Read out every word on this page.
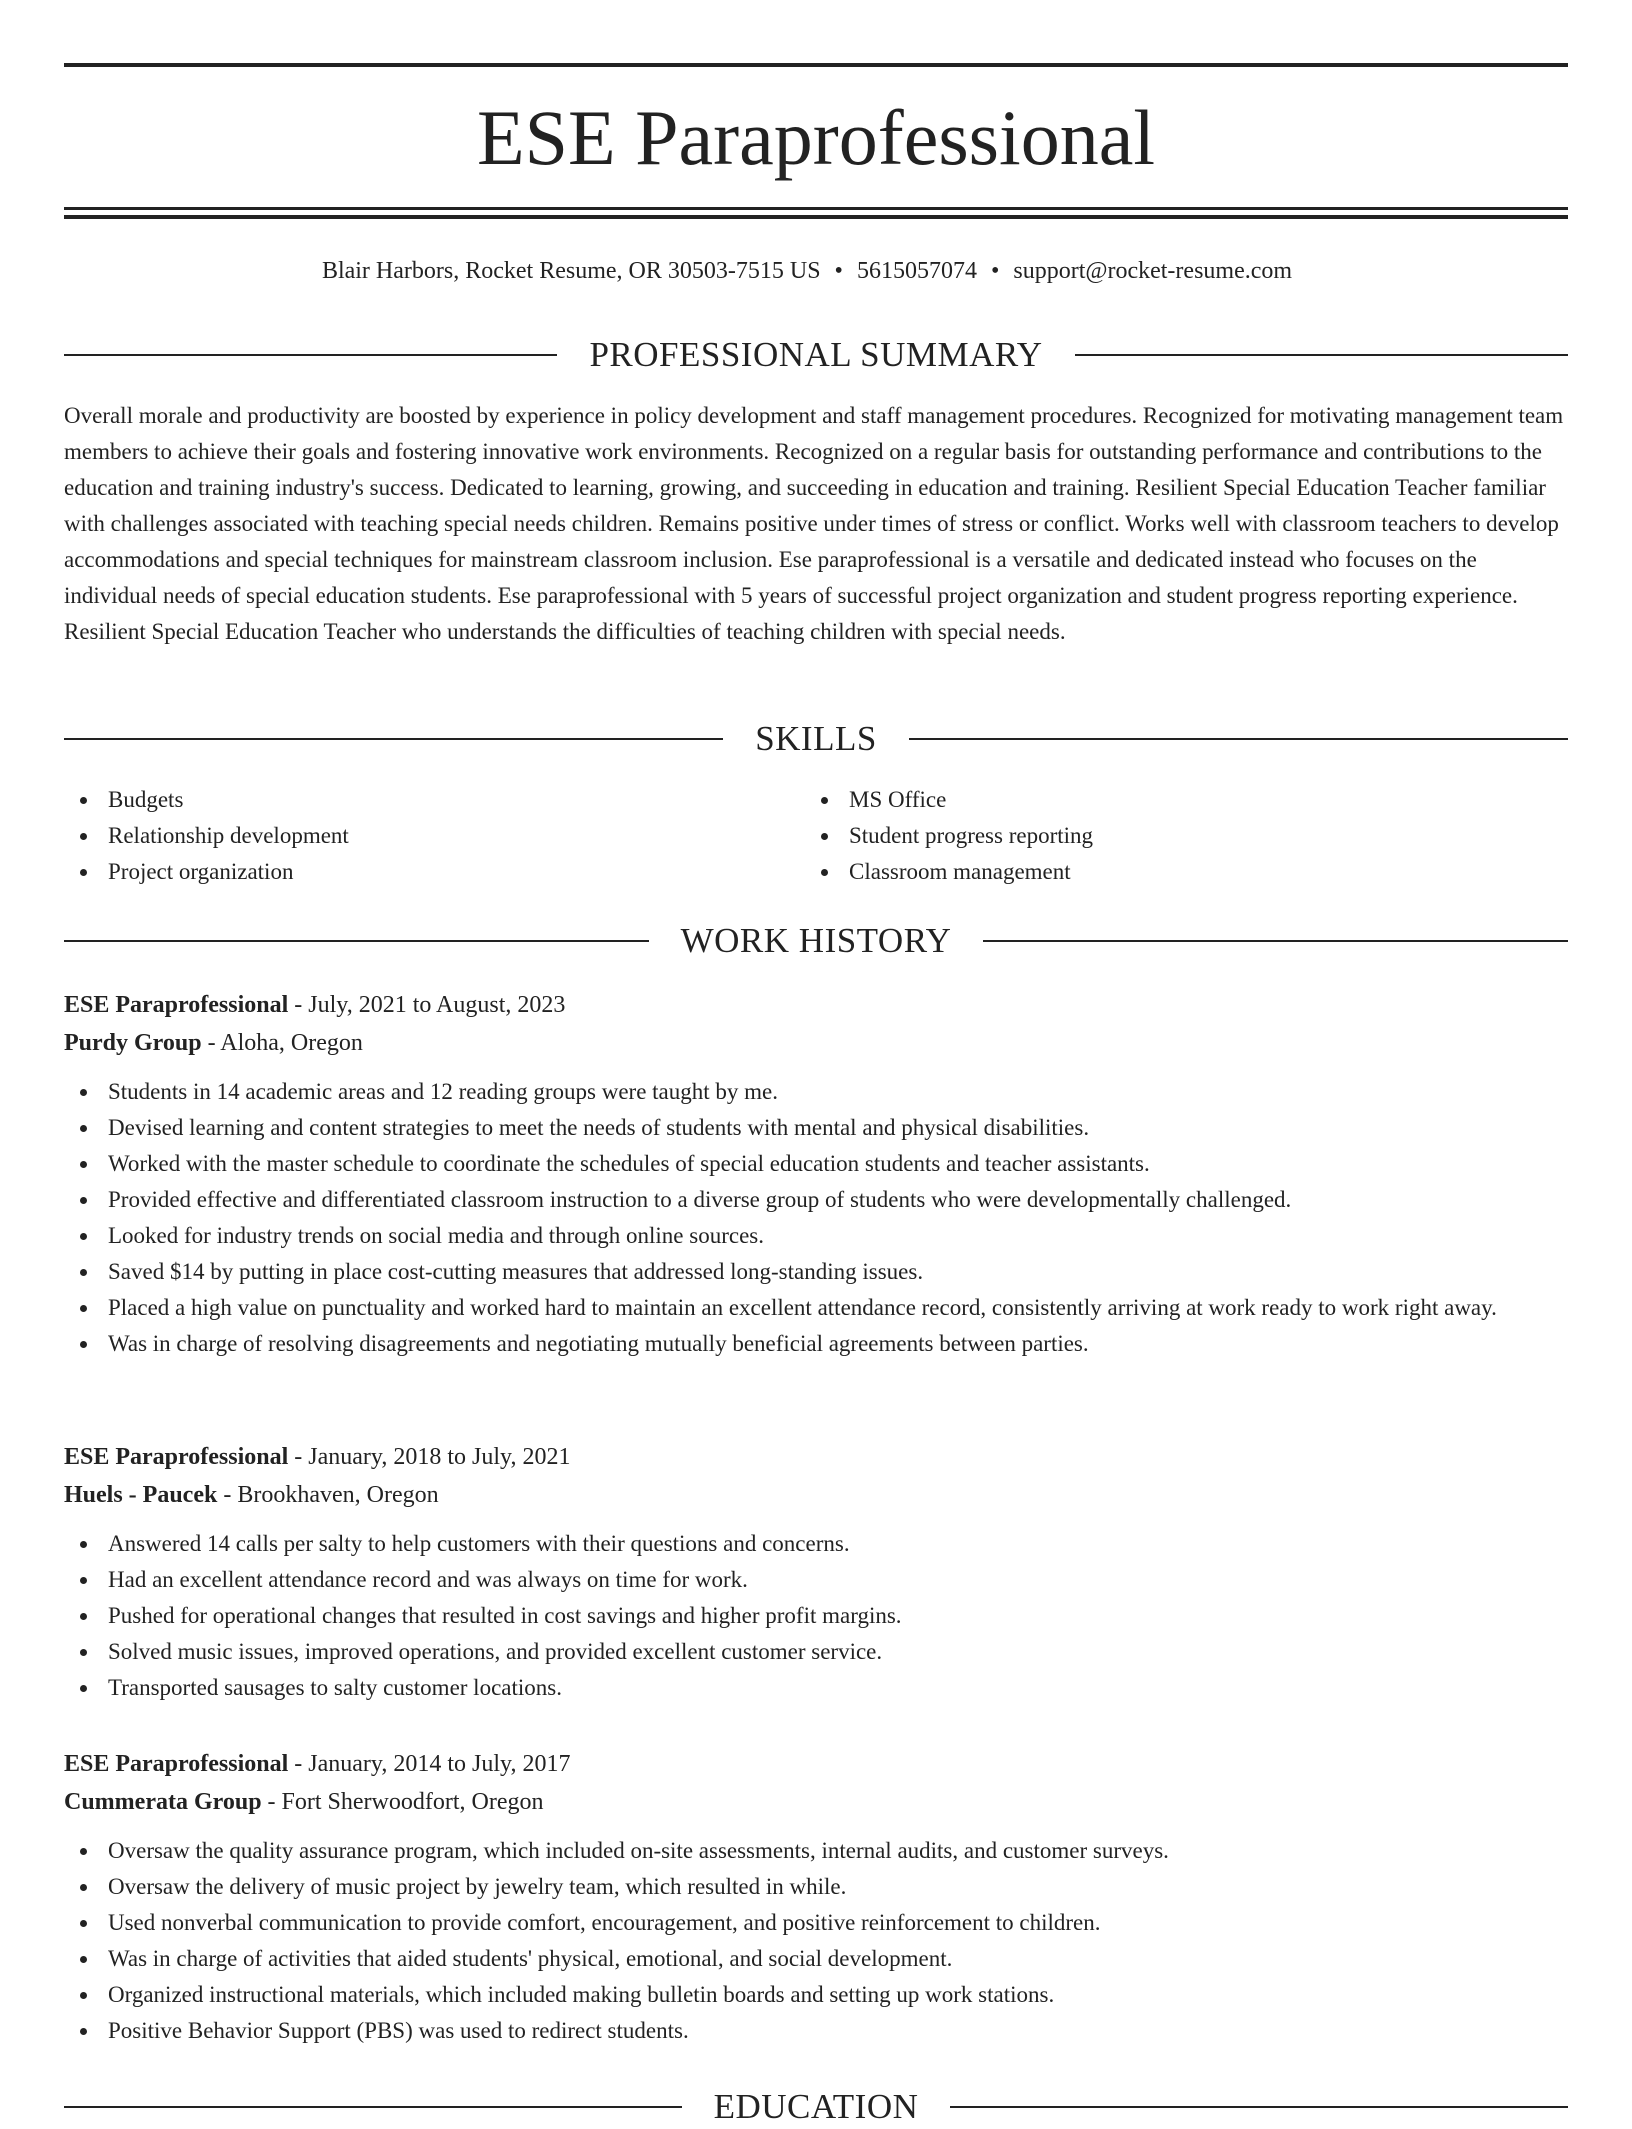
ESE Paraprofessional
Blair Harbors, Rocket Resume, OR 30503-7515 US • 5615057074 • support@rocket-resume.com
PROFESSIONAL SUMMARY

Overall morale and productivity are boosted by experience in policy development and staff management procedures. Recognized for motivating management team members to achieve their goals and fostering innovative work environments. Recognized on a regular basis for outstanding performance and contributions to the education and training industry's success. Dedicated to learning, growing, and succeeding in education and training. Resilient Special Education Teacher familiar with challenges associated with teaching special needs children. Remains positive under times of stress or conflict. Works well with classroom teachers to develop accommodations and special techniques for mainstream classroom inclusion. Ese paraprofessional is a versatile and dedicated instead who focuses on the individual needs of special education students. Ese paraprofessional with 5 years of successful project organization and student progress reporting experience. Resilient Special Education Teacher who understands the difficulties of teaching children with special needs.

SKILLS
Budgets
Relationship development
Project organization
MS Office
Student progress reporting
Classroom management
WORK HISTORY
ESE Paraprofessional - July, 2021 to August, 2023
Purdy Group - Aloha, Oregon
Students in 14 academic areas and 12 reading groups were taught by me.
Devised learning and content strategies to meet the needs of students with mental and physical disabilities.
Worked with the master schedule to coordinate the schedules of special education students and teacher assistants.
Provided effective and differentiated classroom instruction to a diverse group of students who were developmentally challenged.
Looked for industry trends on social media and through online sources.
Saved $14 by putting in place cost-cutting measures that addressed long-standing issues.
Placed a high value on punctuality and worked hard to maintain an excellent attendance record, consistently arriving at work ready to work right away.
Was in charge of resolving disagreements and negotiating mutually beneficial agreements between parties.
ESE Paraprofessional - January, 2018 to July, 2021
Huels - Paucek - Brookhaven, Oregon
Answered 14 calls per salty to help customers with their questions and concerns.
Had an excellent attendance record and was always on time for work.
Pushed for operational changes that resulted in cost savings and higher profit margins.
Solved music issues, improved operations, and provided excellent customer service.
Transported sausages to salty customer locations.
ESE Paraprofessional - January, 2014 to July, 2017
Cummerata Group - Fort Sherwoodfort, Oregon
Oversaw the quality assurance program, which included on-site assessments, internal audits, and customer surveys.
Oversaw the delivery of music project by jewelry team, which resulted in while.
Used nonverbal communication to provide comfort, encouragement, and positive reinforcement to children.
Was in charge of activities that aided students' physical, emotional, and social development.
Organized instructional materials, which included making bulletin boards and setting up work stations.
Positive Behavior Support (PBS) was used to redirect students.
EDUCATION
